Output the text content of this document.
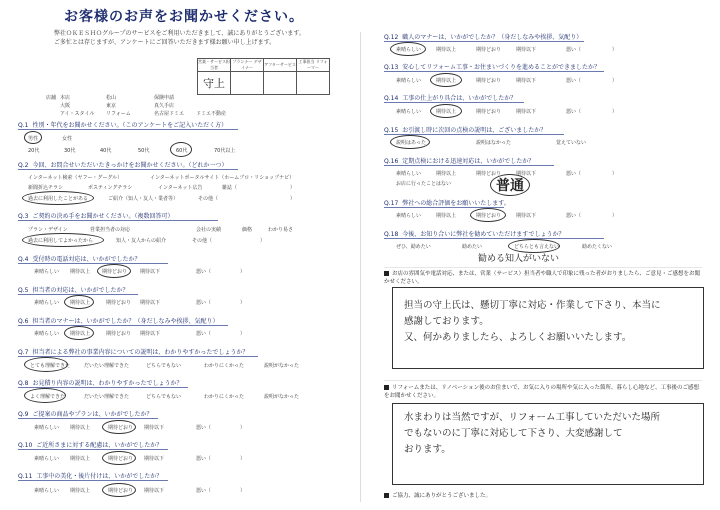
お客様のお声をお聞かせください。
弊社ＯＫＥＳＨＯグループのサービスをご利用いただきまして、誠にありがとうございます。
ご多忙とは存じますが、アンケートにご回答いただきます様お願い申し上げます。
営業・サービス担当者	プランナー デザイナー	アフターサービス	工事担当 リフォーマー
守上			
店舗 本店	松山	保険申請
大阪	東京	真久手店
アイ・スタイル リフォーム	名古屋ドミエ ドミエ不動産
Q.1 性別・年代をお聞かせください。（このアンケートをご記入いただく方）
男性	女性
20代	30代	40代	50代	60代	70代以上
Q.2 今回、お問合せいただいたきっかけをお聞かせください。（どれか一つ）
インターネット検索（ヤフー・グーグル）	インターネットポータルサイト（ホームプロ・リショップナビ）
新聞折込チラシ	ポスティングチラシ	インターネット広告	雑誌（	）
過去に利用したことがある	ご紹介（知人・友人・業者等）	その他（	）
Q.3 ご契約の決め手をお聞かせください。（複数回答可）
プラン・デザイン	営業担当者の対応	会社の実績	価格	わかり易さ
過去に利用してよかったから	知人・友人からの紹介	その他（	）
Q.4 受付時の電話対応は、いかがでしたか？
素晴らしい 期待以上 期待どおり	期待以下	悪い（	）
Q.5 担当者の対応は、いかがでしたか？
素晴らしい 期待以上	期待どおり 期待以下	悪い（	）
Q.6 担当者のマナーは、いかがでしたか？（身だしなみや挨拶、気配り）
素晴らしい 期待以上	期待どおり 期待以下	悪い（	）
Q.7 担当者による弊社の事業内容についての説明は、わかりやすかったでしょうか？
とても理解できた	だいたい理解できた	どちらでもない	わかりにくかった	説明がなかった
Q.8 お見積り内容の説明は、わかりやすかったでしょうか？
よく理解できた	だいたい理解できた	どちらでもない	わかりにくかった	説明がなかった
Q.9 ご提案の商品やプランは、いかがでしたか？
素晴らしい 期待以上	期待どおり 期待以下	悪い（	）
Q.10 ご近所さまに対する配慮は、いかがでしたか？
素晴らしい 期待以上	期待どおり 期待以下	悪い（	）
Q.11 工事中の美化・後片付けは、いかがでしたか？
素晴らしい 期待以上	期待どおり 期待以下	悪い（	）
Q.12 職人のマナーは、いかがでしたか？（身だしなみや挨拶、気配り）
素晴らしい	期待以上	期待どおり	期待以下	悪い（	）
Q.13 安心してリフォーム工事・お住まいづくりを進めることができましたか？
素晴らしい	期待以上	期待どおり	期待以下	悪い（	）
Q.14 工事の仕上がり具合は、いかがでしたか？
素晴らしい	期待以上	期待どおり	期待以下	悪い（	）
Q.15 お引渡し時に次回の点検の説明は、ございましたか？
説明はあった	説明はなかった	覚えていない
Q.16 定期点検における迅速対応は、いかがでしたか？
素晴らしい	期待以上	期待どおり	期待以下	悪い（	）
お店に行ったことはない	普通
Q.17 弊社への総合評価をお願いいたします。
素晴らしい	期待以上	期待どおり	期待以下	悪い（	）
Q.18 今後、お知り合いに弊社を勧めていただけますでしょうか？
ぜひ、勧めたい	勧めたい	どちらとも言えない	勧めたくない
勧める知人がいない
お店の雰囲気や電話対応、または、営業（サービス）担当者や職人で印象に残った者がおりましたら、ご意見・ご感想をお聞かせください。
担当の守上氏は、懸切丁寧に対応・作業して下さり、本当に
感謝しております。
又、何かありましたら、よろしくお願いいたします。
リフォームまたは、リノベーション後のお住まいで、お気に入りの場所や気に入った箇所、暮らし心地など、工事後のご感想をお聞かせください。
水まわりは当然ですが、リフォーム工事していただいた場所
でもないのに丁寧に対応して下さり、大変感謝して
おります。
ご協力、誠にありがとうございました。
